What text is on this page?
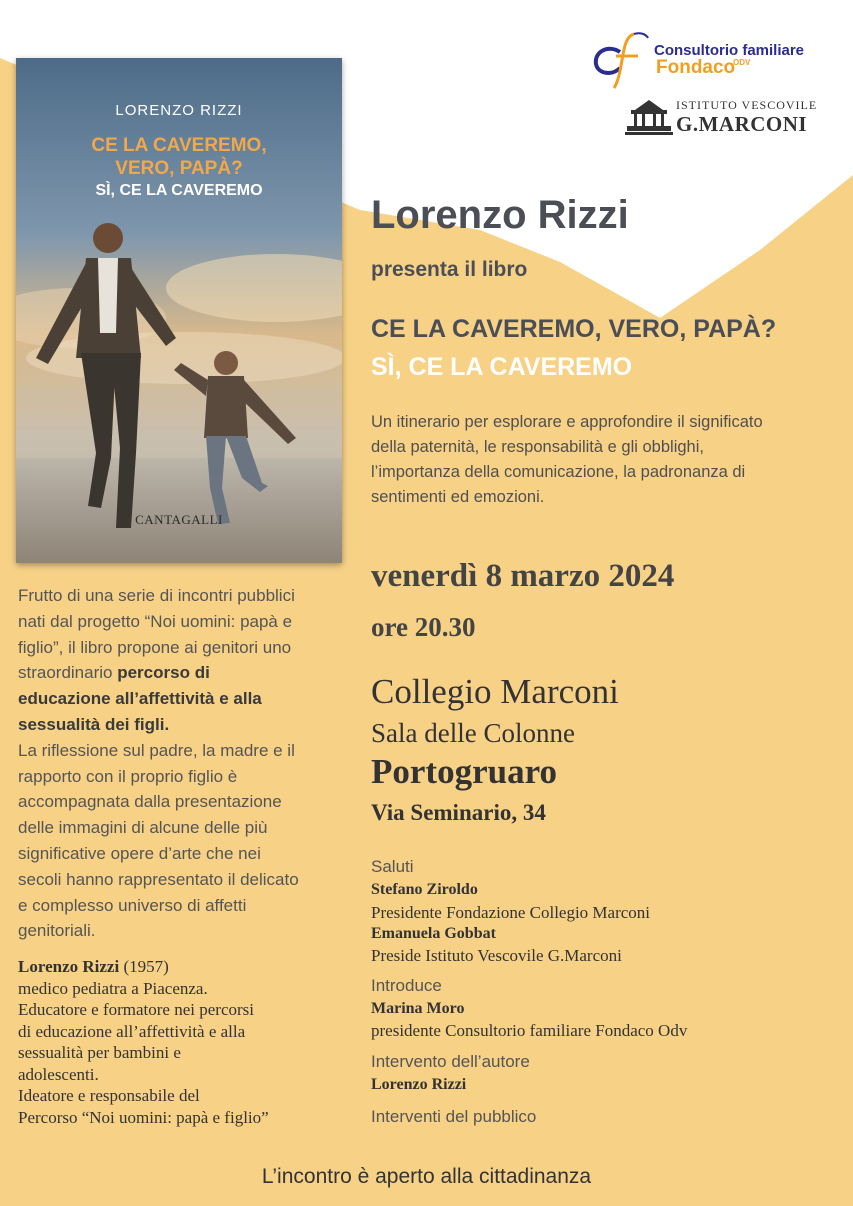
LORENZO RIZZI
CE LA CAVEREMO,
VERO, PAPÀ?
SÌ, CE LA CAVEREMO
CANTAGALLI
Consultorio familiare
Fondaco
ODV
ISTITUTO VESCOVILE
G.MARCONI
Lorenzo Rizzi
presenta il libro
CE LA CAVEREMO, VERO, PAPÀ?
SÌ, CE LA CAVEREMO
Un itinerario per esplorare e approfondire il significato
della paternità, le responsabilità e gli obblighi,
l’importanza della comunicazione, la padronanza di
sentimenti ed emozioni.
venerdì 8 marzo 2024
ore 20.30
Collegio Marconi
Sala delle Colonne
Portogruaro
Via Seminario, 34
Saluti
Stefano Ziroldo
Presidente Fondazione Collegio Marconi
Emanuela Gobbat
Preside Istituto Vescovile G.Marconi
Introduce
Marina Moro
presidente Consultorio familiare Fondaco Odv
Intervento dell’autore
Lorenzo Rizzi
Interventi del pubblico
Frutto di una serie di incontri pubblici
nati dal progetto “Noi uomini: papà e
figlio”, il libro propone ai genitori uno
straordinario percorso di
educazione all’affettività e alla
sessualità dei figli.
La riflessione sul padre, la madre e il
rapporto con il proprio figlio è
accompagnata dalla presentazione
delle immagini di alcune delle più
significative opere d’arte che nei
secoli hanno rappresentato il delicato
e complesso universo di affetti
genitoriali.
Lorenzo Rizzi (1957)
medico pediatra a Piacenza.
Educatore e formatore nei percorsi
di educazione all’affettività e alla
sessualità per bambini e
adolescenti.
Ideatore e responsabile del
Percorso “Noi uomini: papà e figlio”
L’incontro è aperto alla cittadinanza
